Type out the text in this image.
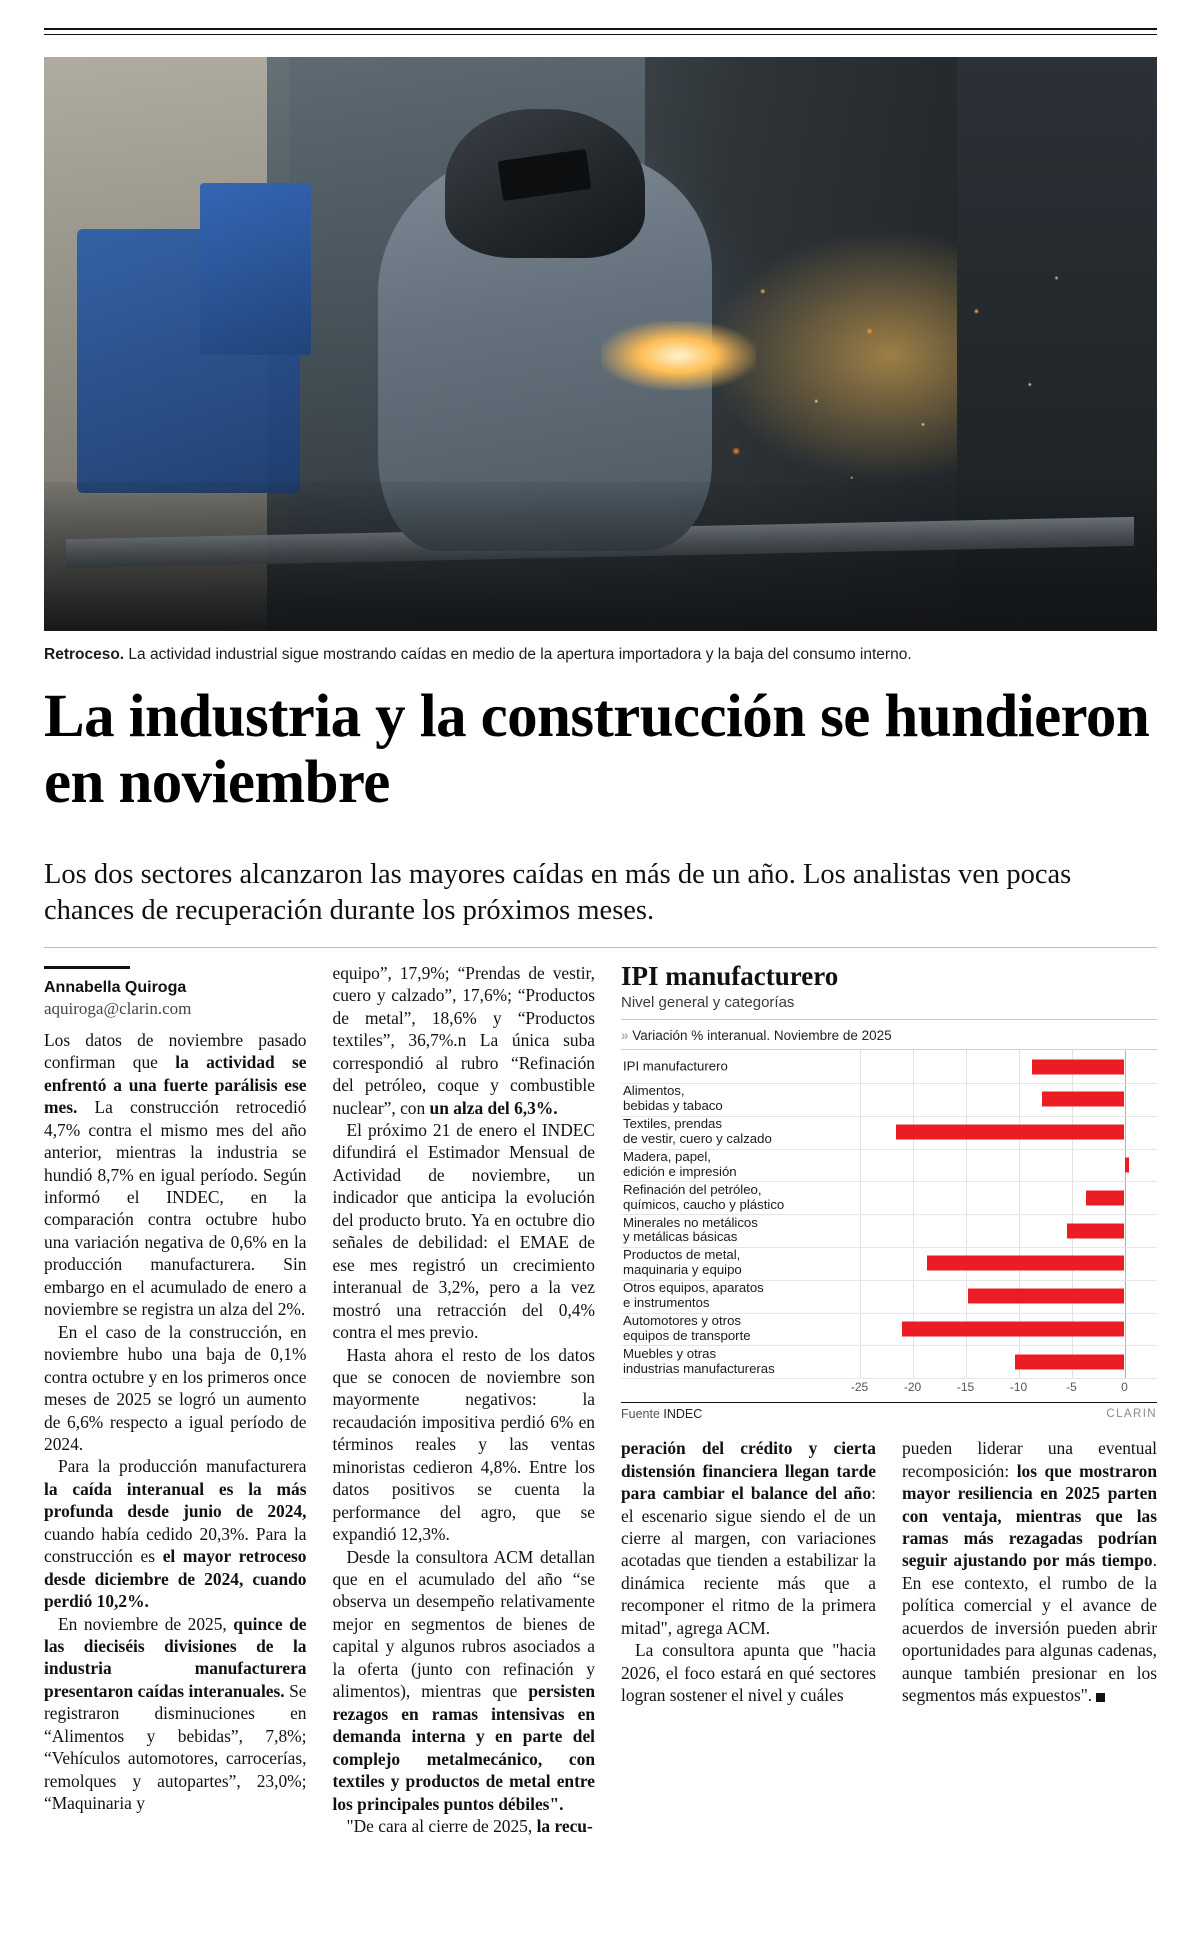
Retroceso. La actividad industrial sigue mostrando caídas en medio de la apertura importadora y la baja del consumo interno.
La industria y la construcción se hundieron en noviembre
Los dos sectores alcanzaron las mayores caídas en más de un año. Los analistas ven pocas chances de recuperación durante los próximos meses.
Annabella Quiroga
aquiroga@clarin.com

Los datos de noviembre pasado confirman que la actividad se enfrentó a una fuerte parálisis ese mes. La construcción retrocedió 4,7% contra el mismo mes del año anterior, mientras la industria se hundió 8,7% en igual período. Según informó el INDEC, en la comparación contra octubre hubo una variación negativa de 0,6% en la producción manufacturera. Sin embargo en el acumulado de enero a noviembre se registra un alza del 2%.

En el caso de la construcción, en noviembre hubo una baja de 0,1% contra octubre y en los primeros once meses de 2025 se logró un aumento de 6,6% respecto a igual período de 2024.

Para la producción manufacturera la caída interanual es la más profunda desde junio de 2024, cuando había cedido 20,3%. Para la construcción es el mayor retroceso desde diciembre de 2024, cuando perdió 10,2%.

En noviembre de 2025, quince de las dieciséis divisiones de la industria manufacturera presentaron caídas interanuales. Se registraron disminuciones en “Alimentos y bebidas”, 7,8%; “Vehículos automotores, carrocerías, remolques y autopartes”, 23,0%; “Maquinaria y

equipo”, 17,9%; “Prendas de vestir, cuero y calzado”, 17,6%; “Productos de metal”, 18,6% y “Productos textiles”, 36,7%.n La única suba correspondió al rubro “Refinación del petróleo, coque y combustible nuclear”, con un alza del 6,3%.

El próximo 21 de enero el INDEC difundirá el Estimador Mensual de Actividad de noviembre, un indicador que anticipa la evolución del producto bruto. Ya en octubre dio señales de debilidad: el EMAE de ese mes registró un crecimiento interanual de 3,2%, pero a la vez mostró una retracción del 0,4% contra el mes previo.

Hasta ahora el resto de los datos que se conocen de noviembre son mayormente negativos: la recaudación impositiva perdió 6% en términos reales y las ventas minoristas cedieron 4,8%. Entre los datos positivos se cuenta la performance del agro, que se expandió 12,3%.

Desde la consultora ACM detallan que en el acumulado del año “se observa un desempeño relativamente mejor en segmentos de bienes de capital y algunos rubros asociados a la oferta (junto con refinación y alimentos), mientras que persisten rezagos en ramas intensivas en demanda interna y en parte del complejo metalmecánico, con textiles y productos de metal entre los principales puntos débiles".

"De cara al cierre de 2025, la recu-

IPI manufacturero
Nivel general y categorías
» Variación % interanual. Noviembre de 2025
IPI manufacturero
Alimentos,
bebidas y tabaco
Textiles, prendas
de vestir, cuero y calzado
Madera, papel,
edición e impresión
Refinación del petróleo,
químicos, caucho y plástico
Minerales no metálicos
y metálicas básicas
Productos de metal,
maquinaria y equipo
Otros equipos, aparatos
e instrumentos
Automotores y otros
equipos de transporte
Muebles y otras
industrias manufactureras
-25	-20	-15	-10	-5	0
Fuente INDEC	CLARIN

peración del crédito y cierta distensión financiera llegan tarde para cambiar el balance del año: el escenario sigue siendo el de un cierre al margen, con variaciones acotadas que tienden a estabilizar la dinámica reciente más que a recomponer el ritmo de la primera mitad", agrega ACM.

La consultora apunta que "hacia 2026, el foco estará en qué sectores logran sostener el nivel y cuáles

pueden liderar una eventual recomposición: los que mostraron mayor resiliencia en 2025 parten con ventaja, mientras que las ramas más rezagadas podrían seguir ajustando por más tiempo. En ese contexto, el rumbo de la política comercial y el avance de acuerdos de inversión pueden abrir oportunidades para algunas cadenas, aunque también presionar en los segmentos más expuestos".
